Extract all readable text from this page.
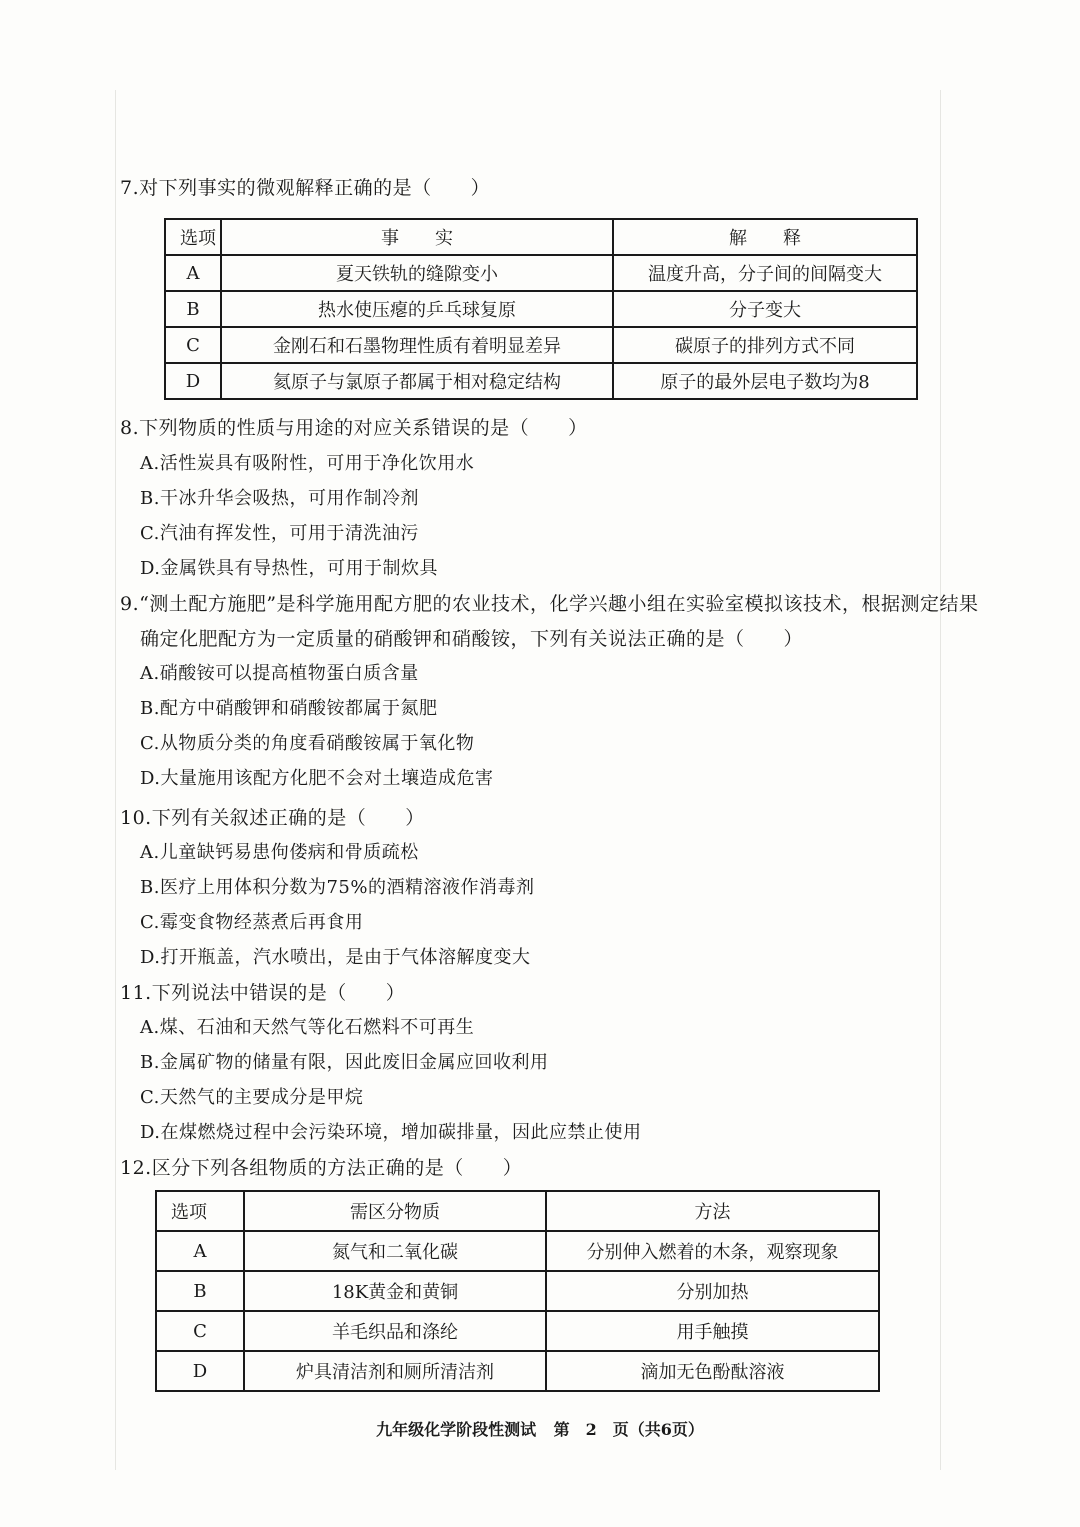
7.对下列事实的微观解释正确的是（　　）
选项	事　　实	解　　释
A	夏天铁轨的缝隙变小	温度升高，分子间的间隔变大
B	热水使压瘪的乒乓球复原	分子变大
C	金刚石和石墨物理性质有着明显差异	碳原子的排列方式不同
D	氦原子与氯原子都属于相对稳定结构	原子的最外层电子数均为8
8.下列物质的性质与用途的对应关系错误的是（　　）
A.活性炭具有吸附性，可用于净化饮用水
B.干冰升华会吸热，可用作制冷剂
C.汽油有挥发性，可用于清洗油污
D.金属铁具有导热性，可用于制炊具
9.“测土配方施肥”是科学施用配方肥的农业技术，化学兴趣小组在实验室模拟该技术，根据测定结果
确定化肥配方为一定质量的硝酸钾和硝酸铵，下列有关说法正确的是（　　）
A.硝酸铵可以提高植物蛋白质含量
B.配方中硝酸钾和硝酸铵都属于氮肥
C.从物质分类的角度看硝酸铵属于氧化物
D.大量施用该配方化肥不会对土壤造成危害
10.下列有关叙述正确的是（　　）
A.儿童缺钙易患佝偻病和骨质疏松
B.医疗上用体积分数为75%的酒精溶液作消毒剂
C.霉变食物经蒸煮后再食用
D.打开瓶盖，汽水喷出，是由于气体溶解度变大
11.下列说法中错误的是（　　）
A.煤、石油和天然气等化石燃料不可再生
B.金属矿物的储量有限，因此废旧金属应回收利用
C.天然气的主要成分是甲烷
D.在煤燃烧过程中会污染环境，增加碳排量，因此应禁止使用
12.区分下列各组物质的方法正确的是（　　）
选项	需区分物质	方法
A	氮气和二氧化碳	分别伸入燃着的木条，观察现象
B	18K黄金和黄铜	分别加热
C	羊毛织品和涤纶	用手触摸
D	炉具清洁剂和厕所清洁剂	滴加无色酚酞溶液
九年级化学阶段性测试 第　2　页（共6页）
